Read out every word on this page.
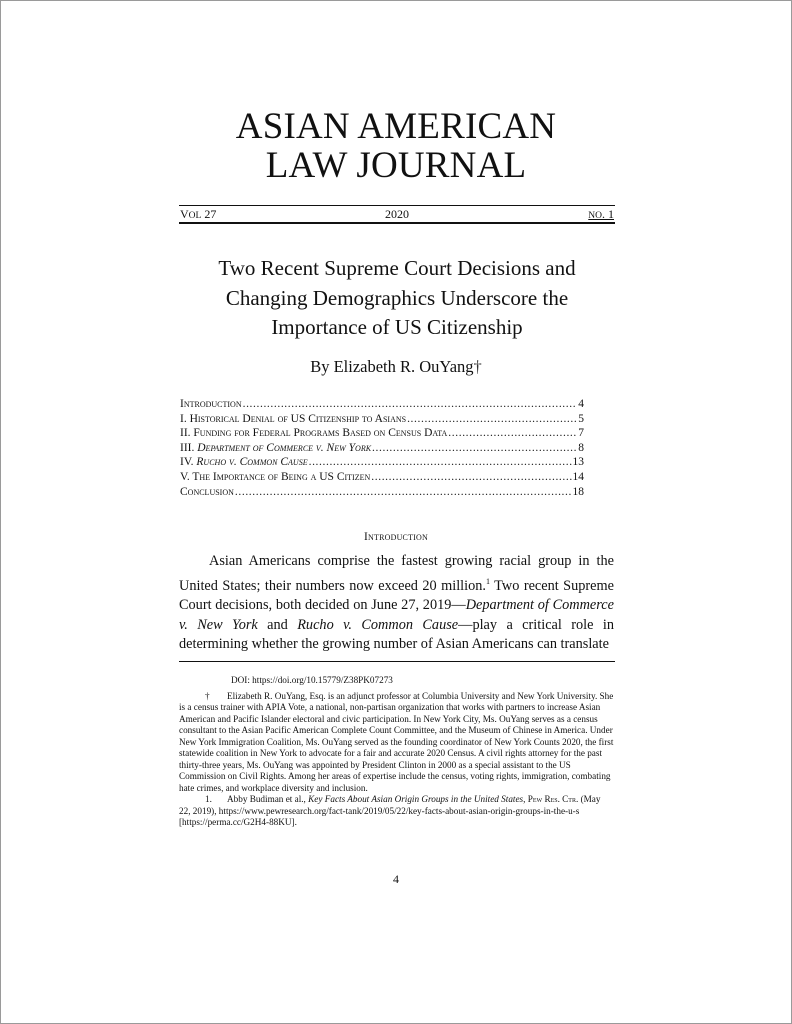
ASIAN AMERICAN
LAW JOURNAL
VOL 27	2020	NO. 1
Two Recent Supreme Court Decisions and
Changing Demographics Underscore the
Importance of US Citizenship
By Elizabeth R. OuYang†
Introduction .....	4
I. Historical Denial of US Citizenship to Asians .....	5
II. Funding for Federal Programs Based on Census Data .....	7
III. Department of Commerce v. New York .....	8
IV. Rucho v. Common Cause .....	13
V. The Importance of Being a US Citizen .....	14
Conclusion .....	18
Introduction
Asian Americans comprise the fastest growing racial group in the United States; their numbers now exceed 20 million.$^1$ Two recent Supreme Court decisions, both decided on June 27, 2019—Department of Commerce v. New York and Rucho v. Common Cause—play a critical role in determining whether the growing number of Asian Americans can translate

DOI: https://doi.org/10.15779/Z38PK07273

† Elizabeth R. OuYang, Esq. is an adjunct professor at Columbia University and New York University. She is a census trainer with APIA Vote, a national, non-partisan organization that works with partners to increase Asian American and Pacific Islander electoral and civic participation. In New York City, Ms. OuYang serves as a census consultant to the Asian Pacific American Complete Count Committee, and the Museum of Chinese in America. Under New York Immigration Coalition, Ms. OuYang served as the founding coordinator of New York Counts 2020, the first statewide coalition in New York to advocate for a fair and accurate 2020 Census. A civil rights attorney for the past thirty-three years, Ms. OuYang was appointed by President Clinton in 2000 as a special assistant to the US Commission on Civil Rights. Among her areas of expertise include the census, voting rights, immigration, combating hate crimes, and workplace diversity and inclusion.

1. Abby Budiman et al., Key Facts About Asian Origin Groups in the United States, Pew Res. Ctr. (May 22, 2019), https://www.pewresearch.org/fact-tank/2019/05/22/key-facts-about-asian-origin-groups-in-the-u-s [https://perma.cc/G2H4-88KU].

4
